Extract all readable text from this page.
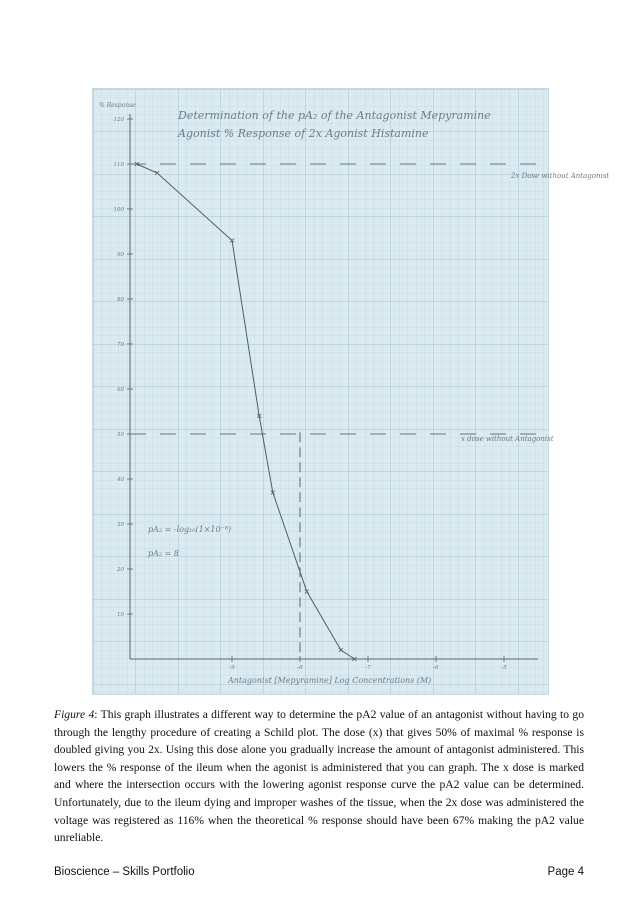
Determination of the pA₂ of the Antagonist Mepyramine
Agonist % Response of 2x Agonist Histamine
% Response
120
110
100
90
80
70
60
50
40
30
20
10
-9	-8	-7	-6	-5
2x Dose without Antagonist
x dose without Antagonist
pA₂ = -log₁₀(1×10⁻⁸)
pA₂ = 8
Antagonist [Mepyramine] Log Concentrations (M)
Figure 4: This graph illustrates a different way to determine the pA2 value of an antagonist without having to go through the lengthy procedure of creating a Schild plot. The dose (x) that gives 50% of maximal % response is doubled giving you 2x. Using this dose alone you gradually increase the amount of antagonist administered. This lowers the % response of the ileum when the agonist is administered that you can graph. The x dose is marked and where the intersection occurs with the lowering agonist response curve the pA2 value can be determined. Unfortunately, due to the ileum dying and improper washes of the tissue, when the 2x dose was administered the voltage was registered as 116% when the theoretical % response should have been 67% making the pA2 value unreliable.
Bioscience – Skills Portfolio	Page 4
